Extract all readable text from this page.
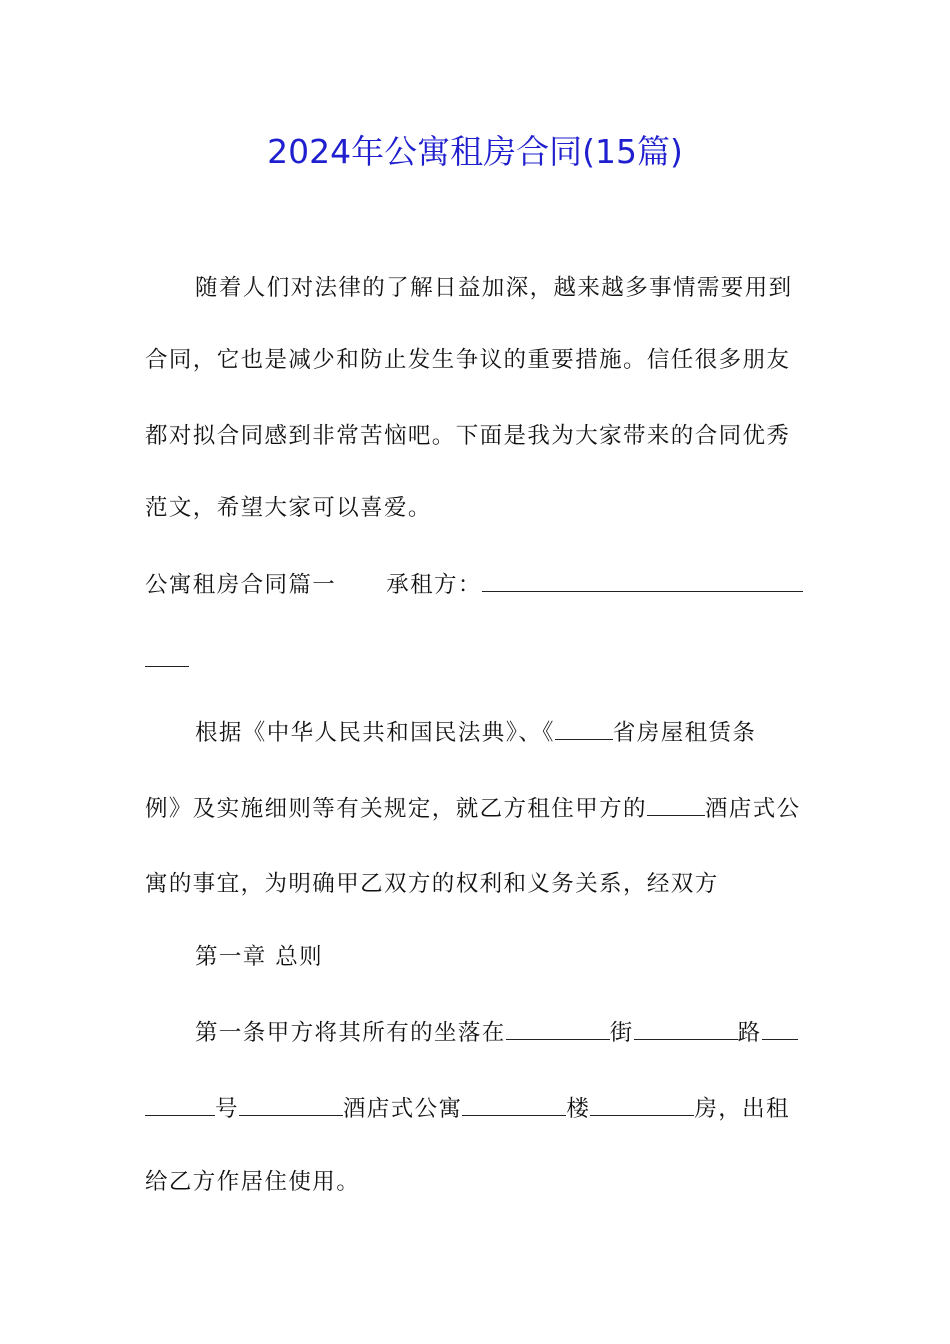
2024年公寓租房合同(15篇)
随着人们对法律的了解日益加深，越来越多事情需要用到
合同，它也是减少和防止发生争议的重要措施。信任很多朋友
都对拟合同感到非常苦恼吧。下面是我为大家带来的合同优秀
范文，希望大家可以喜爱。
公寓租房合同篇一 承租方：
根据《中华人民共和国民法典》、《	省房屋租赁条
例》及实施细则等有关规定，就乙方租住甲方的	酒店式公
寓的事宜，为明确甲乙双方的权利和义务关系，经双方
第一章 总则
第一条甲方将其所有的坐落在	街	路
号	酒店式公寓	楼	房，出租
给乙方作居住使用。
